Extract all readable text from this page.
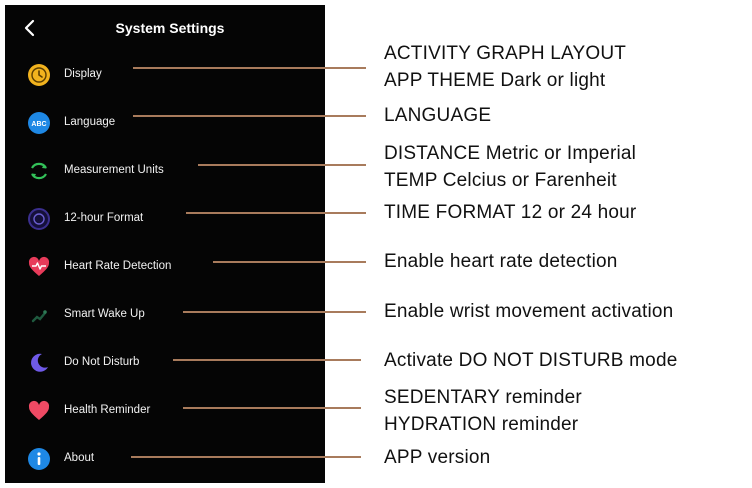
System Settings
Display
ABC Language
Measurement Units
12-hour Format
Heart Rate Detection
Smart Wake Up
Do Not Disturb
Health Reminder
About
ACTIVITY GRAPH LAYOUT
APP THEME Dark or light
LANGUAGE
DISTANCE Metric or Imperial
TEMP Celcius or Farenheit
TIME FORMAT 12 or 24 hour
Enable heart rate detection
Enable wrist movement activation
Activate DO NOT DISTURB mode
SEDENTARY reminder
HYDRATION reminder
APP version
